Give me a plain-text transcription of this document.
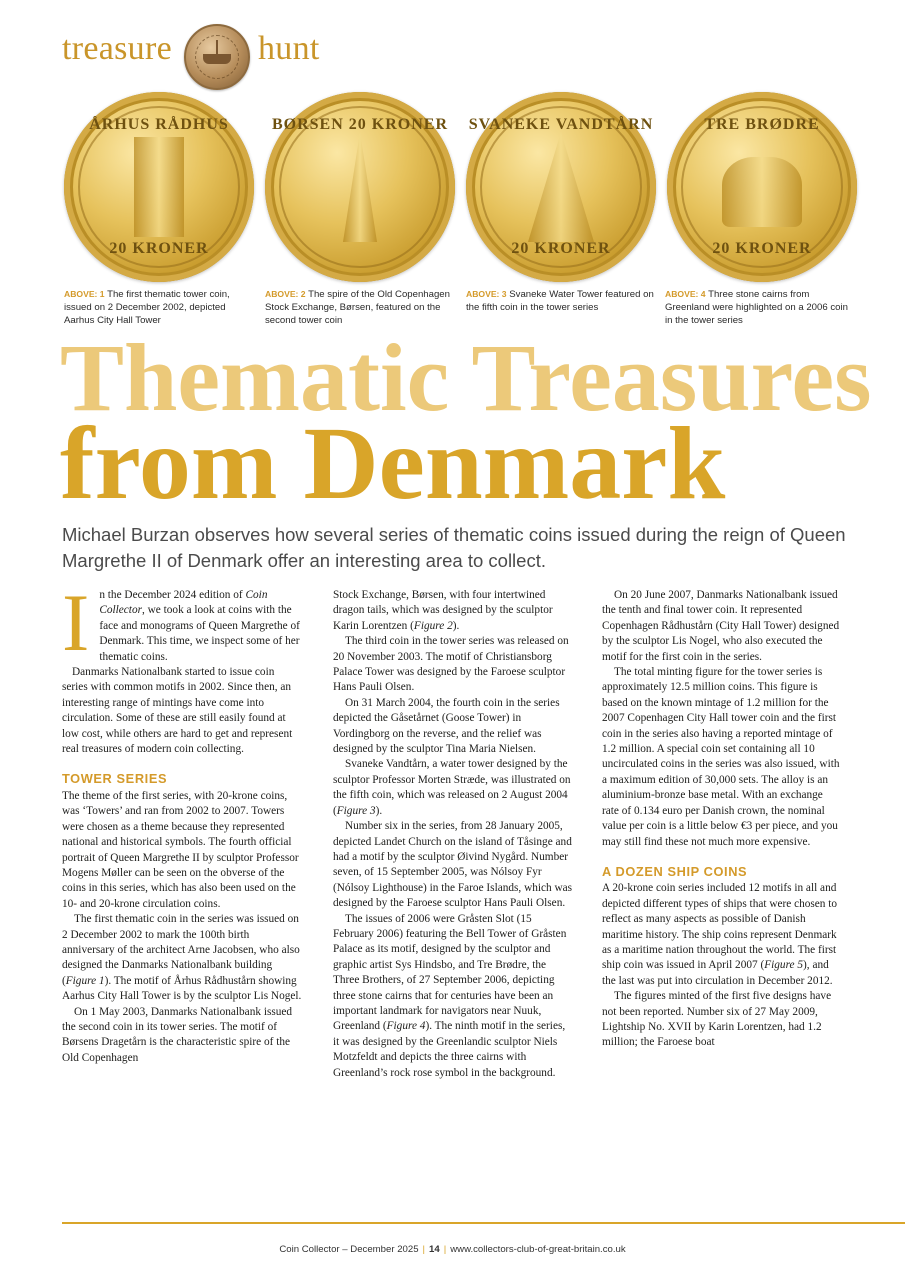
treasure	hunt
ÅRHUS RÅDHUS
20 KRONER
BØRSEN 20 KRONER	SVANEKE VANDTÅRN
20 KRONER
TRE BRØDRE
20 KRONER
ABOVE: 1 The first thematic tower coin, issued on 2 December 2002, depicted Aarhus City Hall Tower
ABOVE: 2 The spire of the Old Copenhagen Stock Exchange, Børsen, featured on the second tower coin
ABOVE: 3 Svaneke Water Tower featured on the fifth coin in the tower series
ABOVE: 4 Three stone cairns from Greenland were highlighted on a 2006 coin in the tower series
Thematic Treasures
from Denmark

Michael Burzan observes how several series of thematic coins issued during the reign of Queen Margrethe II of Denmark offer an interesting area to collect.

In the December 2024 edition of Coin Collector, we took a look at coins with the face and monograms of Queen Margrethe of Denmark. This time, we inspect some of her thematic coins.

Danmarks Nationalbank started to issue coin series with common motifs in 2002. Since then, an interesting range of mintings have come into circulation. Some of these are still easily found at low cost, while others are hard to get and represent real treasures of modern coin collecting.

TOWER SERIES

The theme of the first series, with 20-krone coins, was ‘Towers’ and ran from 2002 to 2007. Towers were chosen as a theme because they represented national and historical symbols. The fourth official portrait of Queen Margrethe II by sculptor Professor Mogens Møller can be seen on the obverse of the coins in this series, which has also been used on the 10- and 20-krone circulation coins.

The first thematic coin in the series was issued on 2 December 2002 to mark the 100th birth anniversary of the architect Arne Jacobsen, who also designed the Danmarks Nationalbank building (Figure 1). The motif of Århus Rådhustårn showing Aarhus City Hall Tower is by the sculptor Lis Nogel.

On 1 May 2003, Danmarks Nationalbank issued the second coin in its tower series. The motif of Børsens Dragetårn is the characteristic spire of the Old Copenhagen

Stock Exchange, Børsen, with four intertwined dragon tails, which was designed by the sculptor Karin Lorentzen (Figure 2).

The third coin in the tower series was released on 20 November 2003. The motif of Christiansborg Palace Tower was designed by the Faroese sculptor Hans Pauli Olsen.

On 31 March 2004, the fourth coin in the series depicted the Gåsetårnet (Goose Tower) in Vordingborg on the reverse, and the relief was designed by the sculptor Tina Maria Nielsen.

Svaneke Vandtårn, a water tower designed by the sculptor Professor Morten Stræde, was illustrated on the fifth coin, which was released on 2 August 2004 (Figure 3).

Number six in the series, from 28 January 2005, depicted Landet Church on the island of Tåsinge and had a motif by the sculptor Øivind Nygård. Number seven, of 15 September 2005, was Nólsoy Fyr (Nólsoy Lighthouse) in the Faroe Islands, which was designed by the Faroese sculptor Hans Pauli Olsen.

The issues of 2006 were Gråsten Slot (15 February 2006) featuring the Bell Tower of Gråsten Palace as its motif, designed by the sculptor and graphic artist Sys Hindsbo, and Tre Brødre, the Three Brothers, of 27 September 2006, depicting three stone cairns that for centuries have been an important landmark for navigators near Nuuk, Greenland (Figure 4). The ninth motif in the series, it was designed by the Greenlandic sculptor Niels Motzfeldt and depicts the three cairns with Greenland’s rock rose symbol in the background.

On 20 June 2007, Danmarks Nationalbank issued the tenth and final tower coin. It represented Copenhagen Rådhustårn (City Hall Tower) designed by the sculptor Lis Nogel, who also executed the motif for the first coin in the series.

The total minting figure for the tower series is approximately 12.5 million coins. This figure is based on the known mintage of 1.2 million for the 2007 Copenhagen City Hall tower coin and the first coin in the series also having a reported mintage of 1.2 million. A special coin set containing all 10 uncirculated coins in the series was also issued, with a maximum edition of 30,000 sets. The alloy is an aluminium-bronze base metal. With an exchange rate of 0.134 euro per Danish crown, the nominal value per coin is a little below €3 per piece, and you may still find these not much more expensive.

A DOZEN SHIP COINS

A 20-krone coin series included 12 motifs in all and depicted different types of ships that were chosen to reflect as many aspects as possible of Danish maritime history. The ship coins represent Denmark as a maritime nation throughout the world. The first ship coin was issued in April 2007 (Figure 5), and the last was put into circulation in December 2012.

The figures minted of the first five designs have not been reported. Number six of 27 May 2009, Lightship No. XVII by Karin Lorentzen, had 1.2 million; the Faroese boat

Coin Collector – December 2025 | 14 | www.collectors-club-of-great-britain.co.uk
